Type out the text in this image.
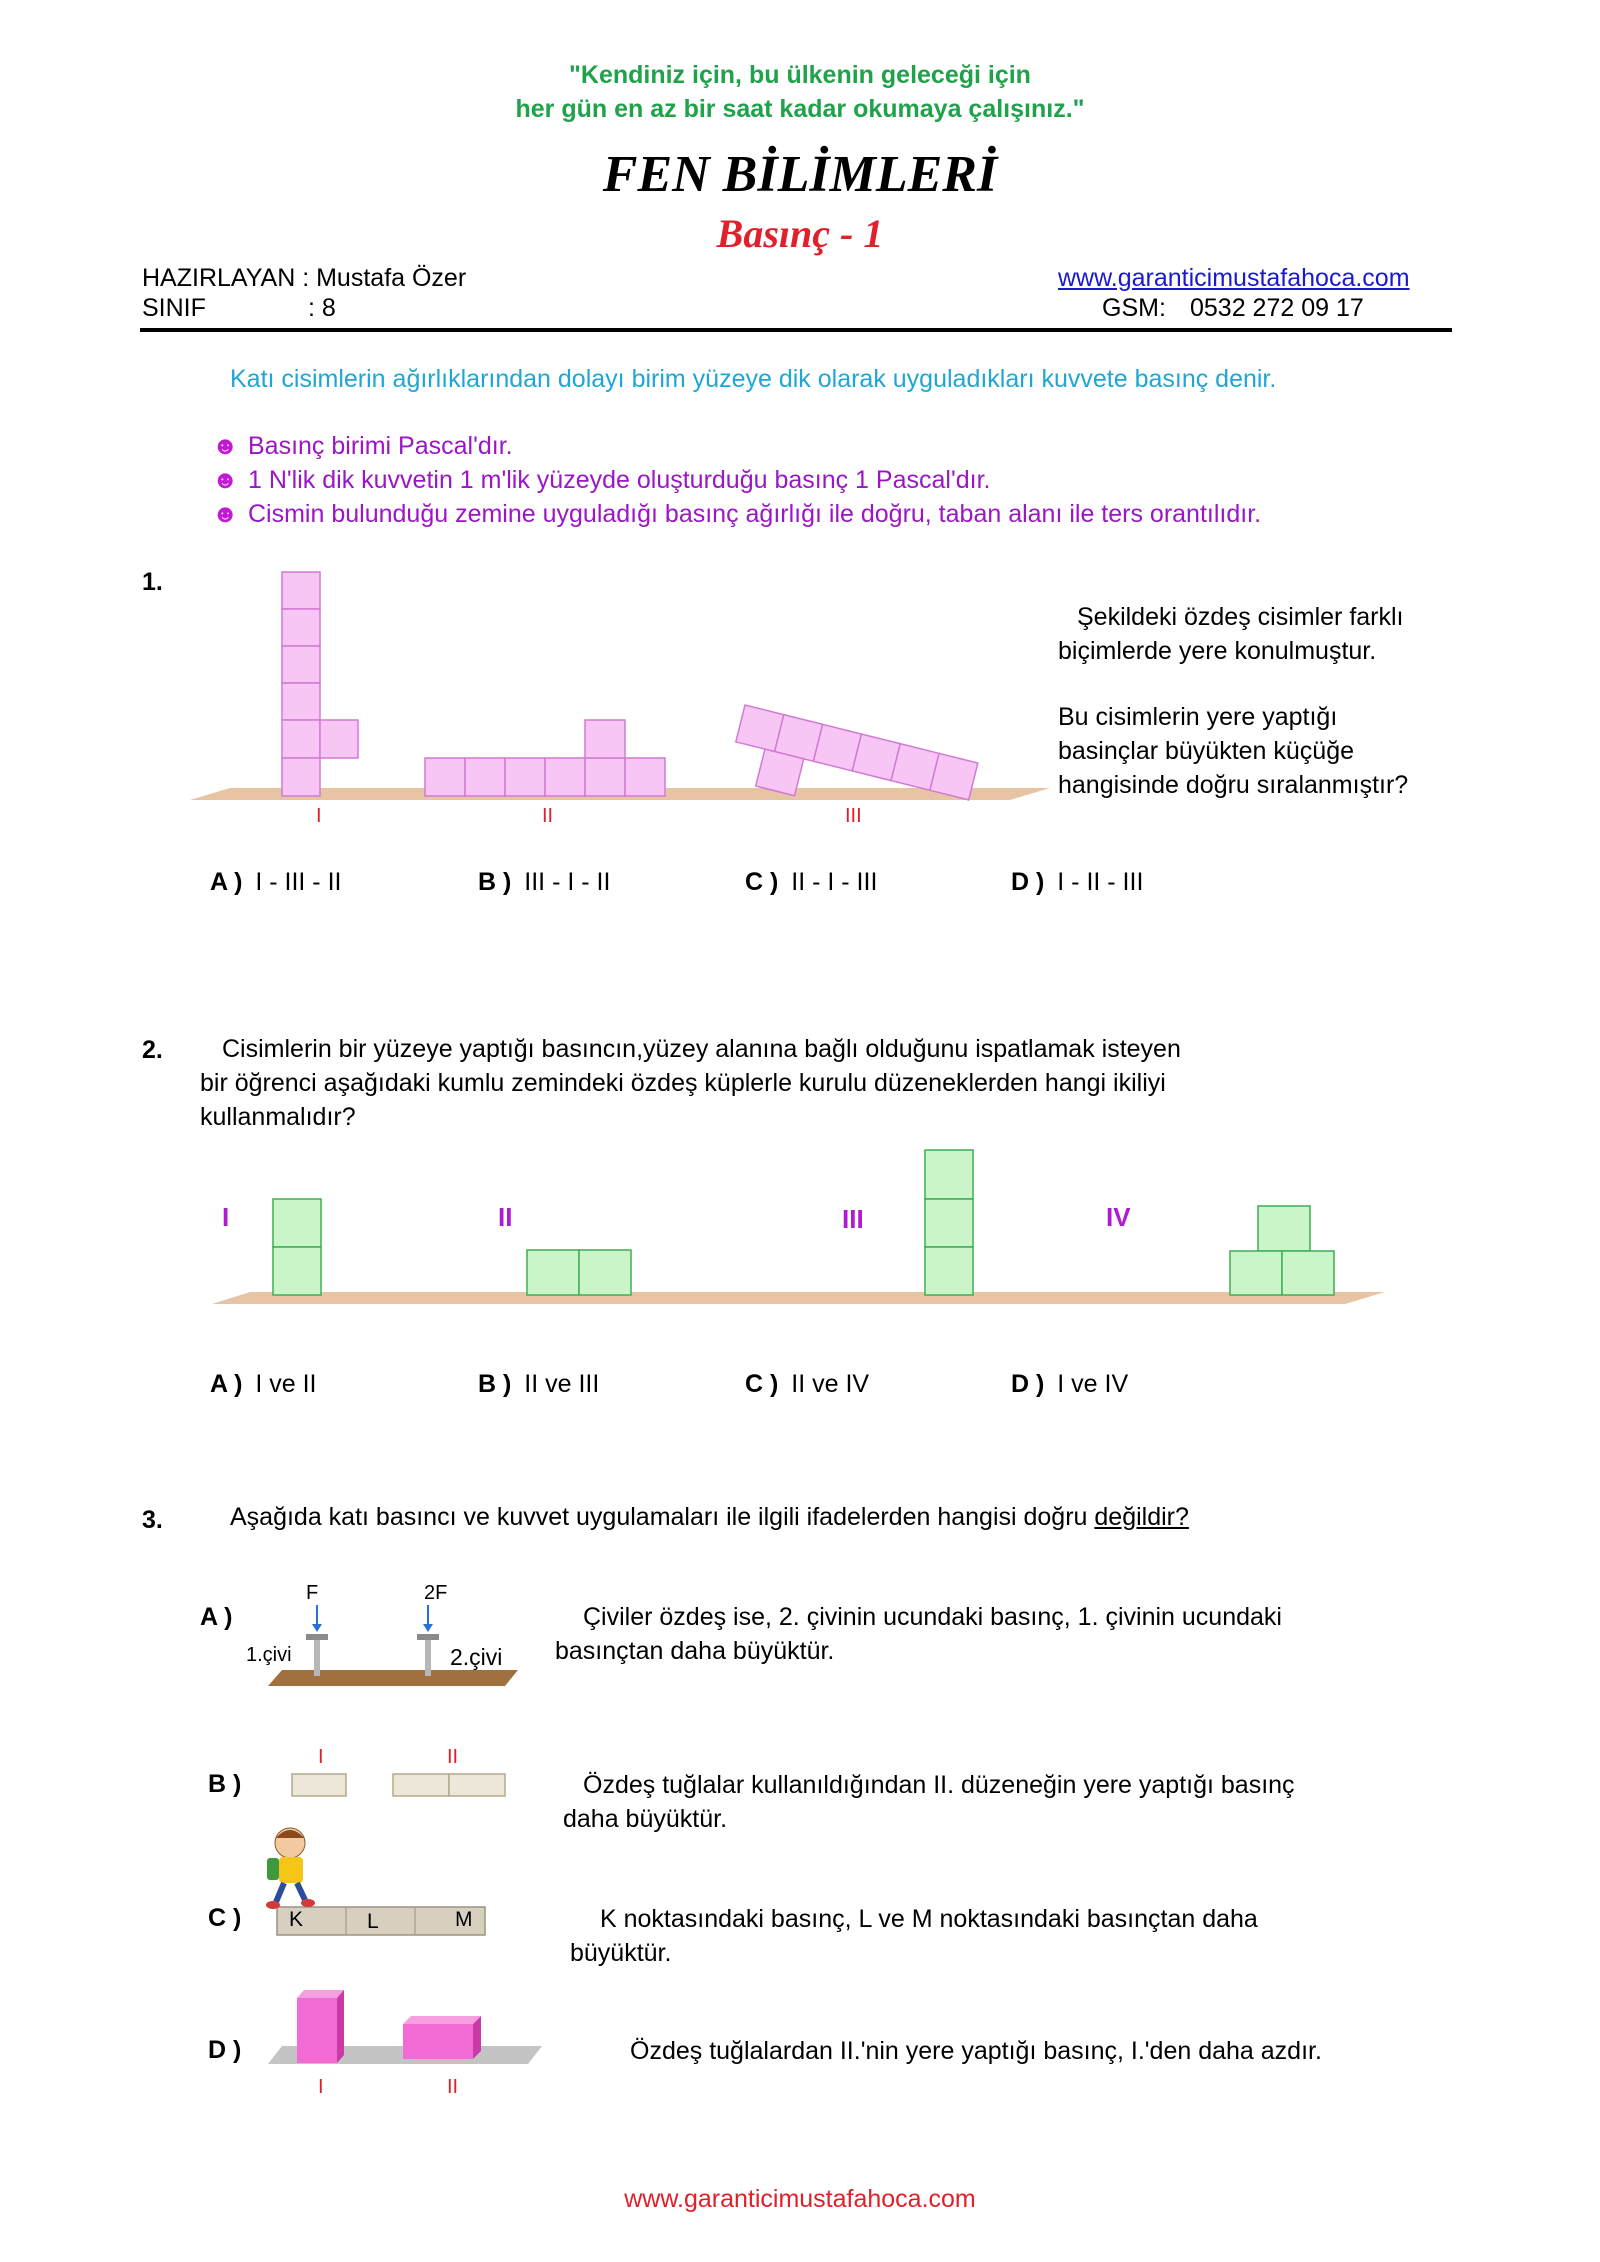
"Kendiniz için, bu ülkenin geleceği için
her gün en az bir saat kadar okumaya çalışınız."
FEN BİLİMLERİ
Basınç - 1
HAZIRLAYAN : Mustafa Özer
SINIF	: 8
www.garanticimustafahoca.com
GSM: 0532 272 09 17
Katı cisimlerin ağırlıklarından dolayı birim yüzeye dik olarak uyguladıkları kuvvete basınç denir.
☻ Basınç birimi Pascal'dır.
☻ 1 N'lik dik kuvvetin 1 m'lik yüzeyde oluşturduğu basınç 1 Pascal'dır.
☻ Cismin bulunduğu zemine uyguladığı basınç ağırlığı ile doğru, taban alanı ile ters orantılıdır.
1.
I	II	III
Şekildeki özdeş cisimler farklı
biçimlerde yere konulmuştur.
Bu cisimlerin yere yaptığı
basinçlar büyükten küçüğe
hangisinde doğru sıralanmıştır?
A ) I - III - II	B ) III - I - II	C ) II - I - III	D ) I - II - III
2. Cisimlerin bir yüzeye yaptığı basıncın,yüzey alanına bağlı olduğunu ispatlamak isteyen
bir öğrenci aşağıdaki kumlu zemindeki özdeş küplerle kurulu düzeneklerden hangi ikiliyi
kullanmalıdır?
I	II	III	IV
A ) I ve II	B ) II ve III	C ) II ve IV	D ) I ve IV
3.	Aşağıda katı basıncı ve kuvvet uygulamaları ile ilgili ifadelerden hangisi doğru değildir?
A )
F	2F
1.çivi	2.çivi
Çiviler özdeş ise, 2. çivinin ucundaki basınç, 1. çivinin ucundaki
basınçtan daha büyüktür.
I	II
B )	Özdeş tuğlalar kullanıldığından II. düzeneğin yere yaptığı basınç
daha büyüktür.
C ) K	L	M	K noktasındaki basınç, L ve M noktasındaki basınçtan daha
büyüktür.
I	II
D )	Özdeş tuğlalardan II.'nin yere yaptığı basınç, I.'den daha azdır.
www.garanticimustafahoca.com
